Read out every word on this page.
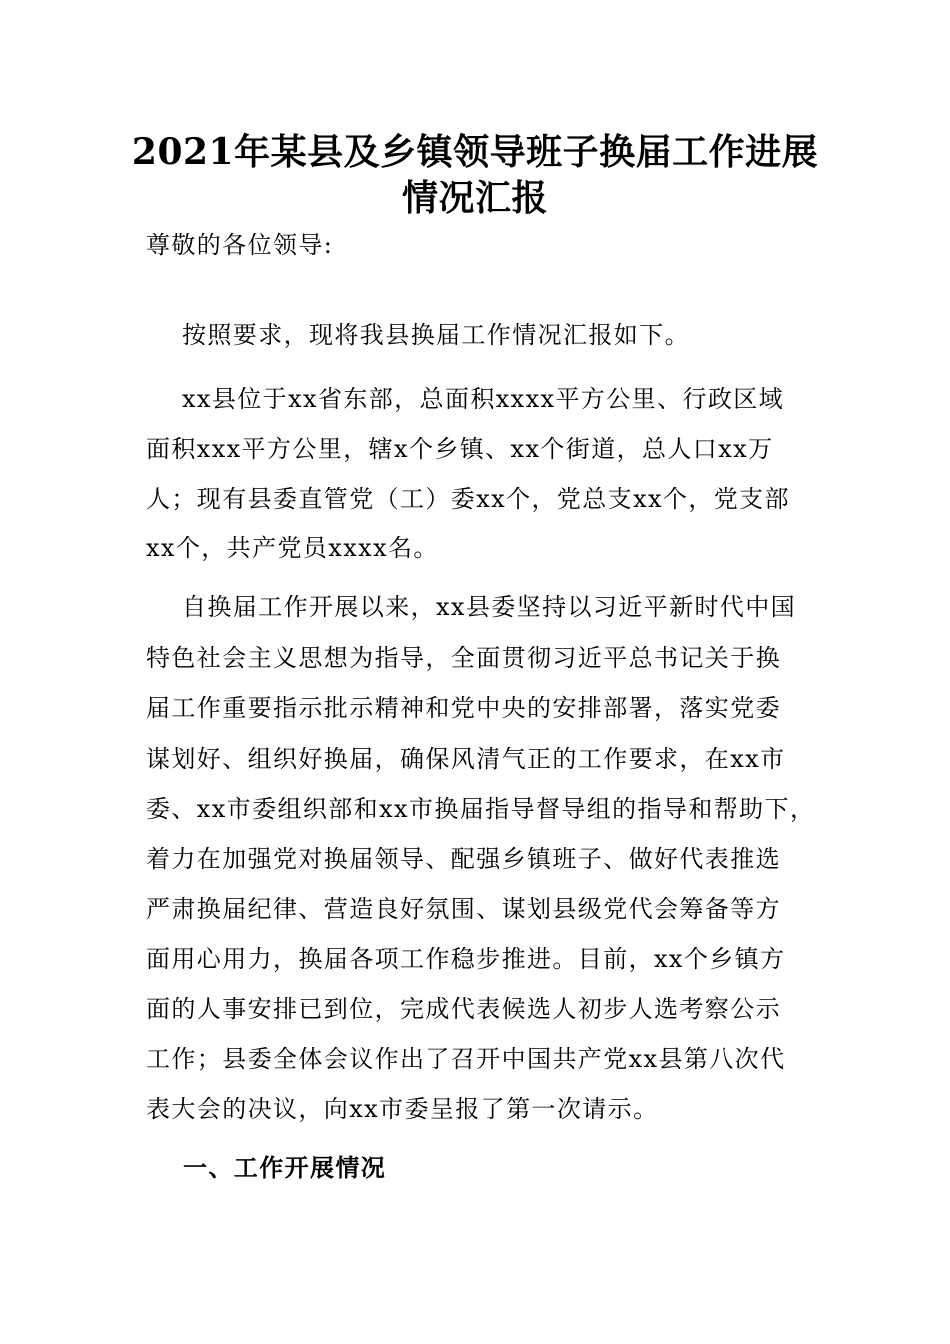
2021年某县及乡镇领导班子换届工作进展
情况汇报
尊敬的各位领导:
按照要求，现将我县换届工作情况汇报如下。
xx县位于xx省东部，总面积xxxx平方公里、行政区域
面积xxx平方公里，辖x个乡镇、xx个街道，总人口xx万
人；现有县委直管党（工）委xx个，党总支xx个，党支部
xx个，共产党员xxxx名。
自换届工作开展以来，xx县委坚持以习近平新时代中国
特色社会主义思想为指导，全面贯彻习近平总书记关于换
届工作重要指示批示精神和党中央的安排部署，落实党委
谋划好、组织好换届，确保风清气正的工作要求，在xx市
委、xx市委组织部和xx市换届指导督导组的指导和帮助下，
着力在加强党对换届领导、配强乡镇班子、做好代表推选
严肃换届纪律、营造良好氛围、谋划县级党代会筹备等方
面用心用力，换届各项工作稳步推进。目前，xx个乡镇方
面的人事安排已到位，完成代表候选人初步人选考察公示
工作；县委全体会议作出了召开中国共产党xx县第八次代
表大会的决议，向xx市委呈报了第一次请示。
一、工作开展情况
